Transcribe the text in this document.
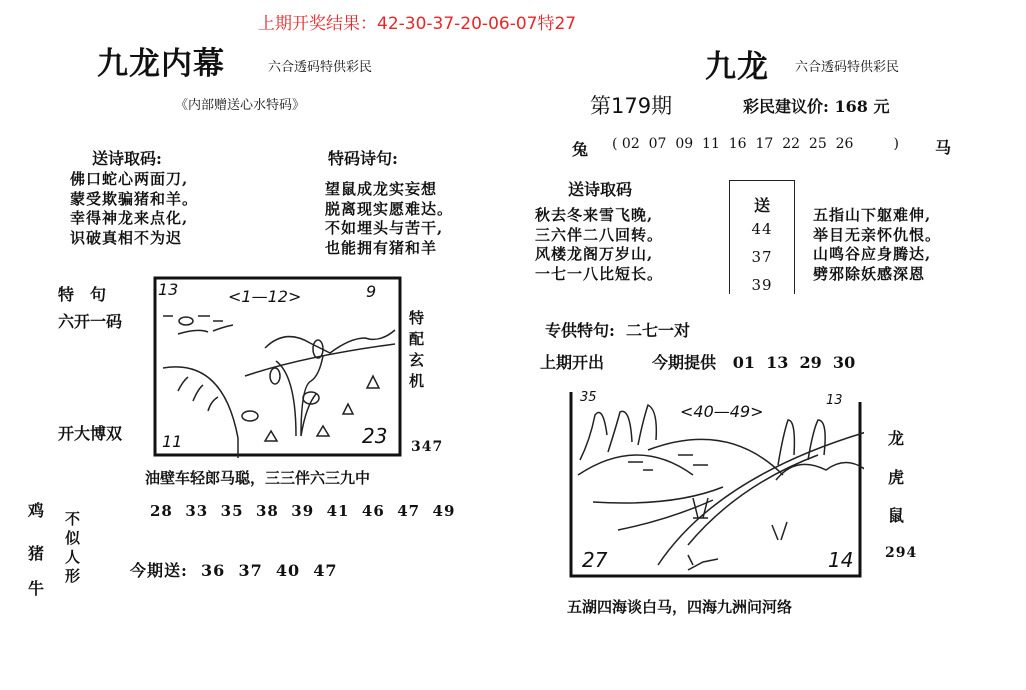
上期开奖结果：42-30-37-20-06-07特27
九龙内幕	六合透码特供彩民
《内部赠送心水特码》
送诗取码:
佛口蛇心两面刀,
蒙受欺骗猪和羊。
幸得神龙来点化,
识破真相不为迟
特码诗句:
望鼠成龙实妄想
脱离现实愿难达。
不如埋头与苦干,
也能拥有猪和羊
特　句
六开一码
开大博双
13	<1—12>	9
11	23
特配玄机
347
油壁车轻郎马聪，三三伴六三九中
28  33  35  38  39  41  46  47  49
鸡
猪
牛
不似人形	今期送:  36  37  40  47
九龙 六合透码特供彩民
第179期	彩民建议价: 168 元
兔 ( 02  07  09  11  16  17  22  25  26         ) 马
送诗取码
秋去冬来雪飞晚,
三六伴二八回转。
风楼龙阁万岁山,
一七一八比短长。
送
44
37
39
五指山下躯难伸,
举目无亲怀仇恨。
山鸣谷应身腾达,
劈邪除妖感深恩
专供特句:  二七一对
上期开出	今期提供   01  13  29  30
35
<40—49>
13
27	14
龙
虎
鼠
294
五湖四海谈白马，四海九洲问河络
